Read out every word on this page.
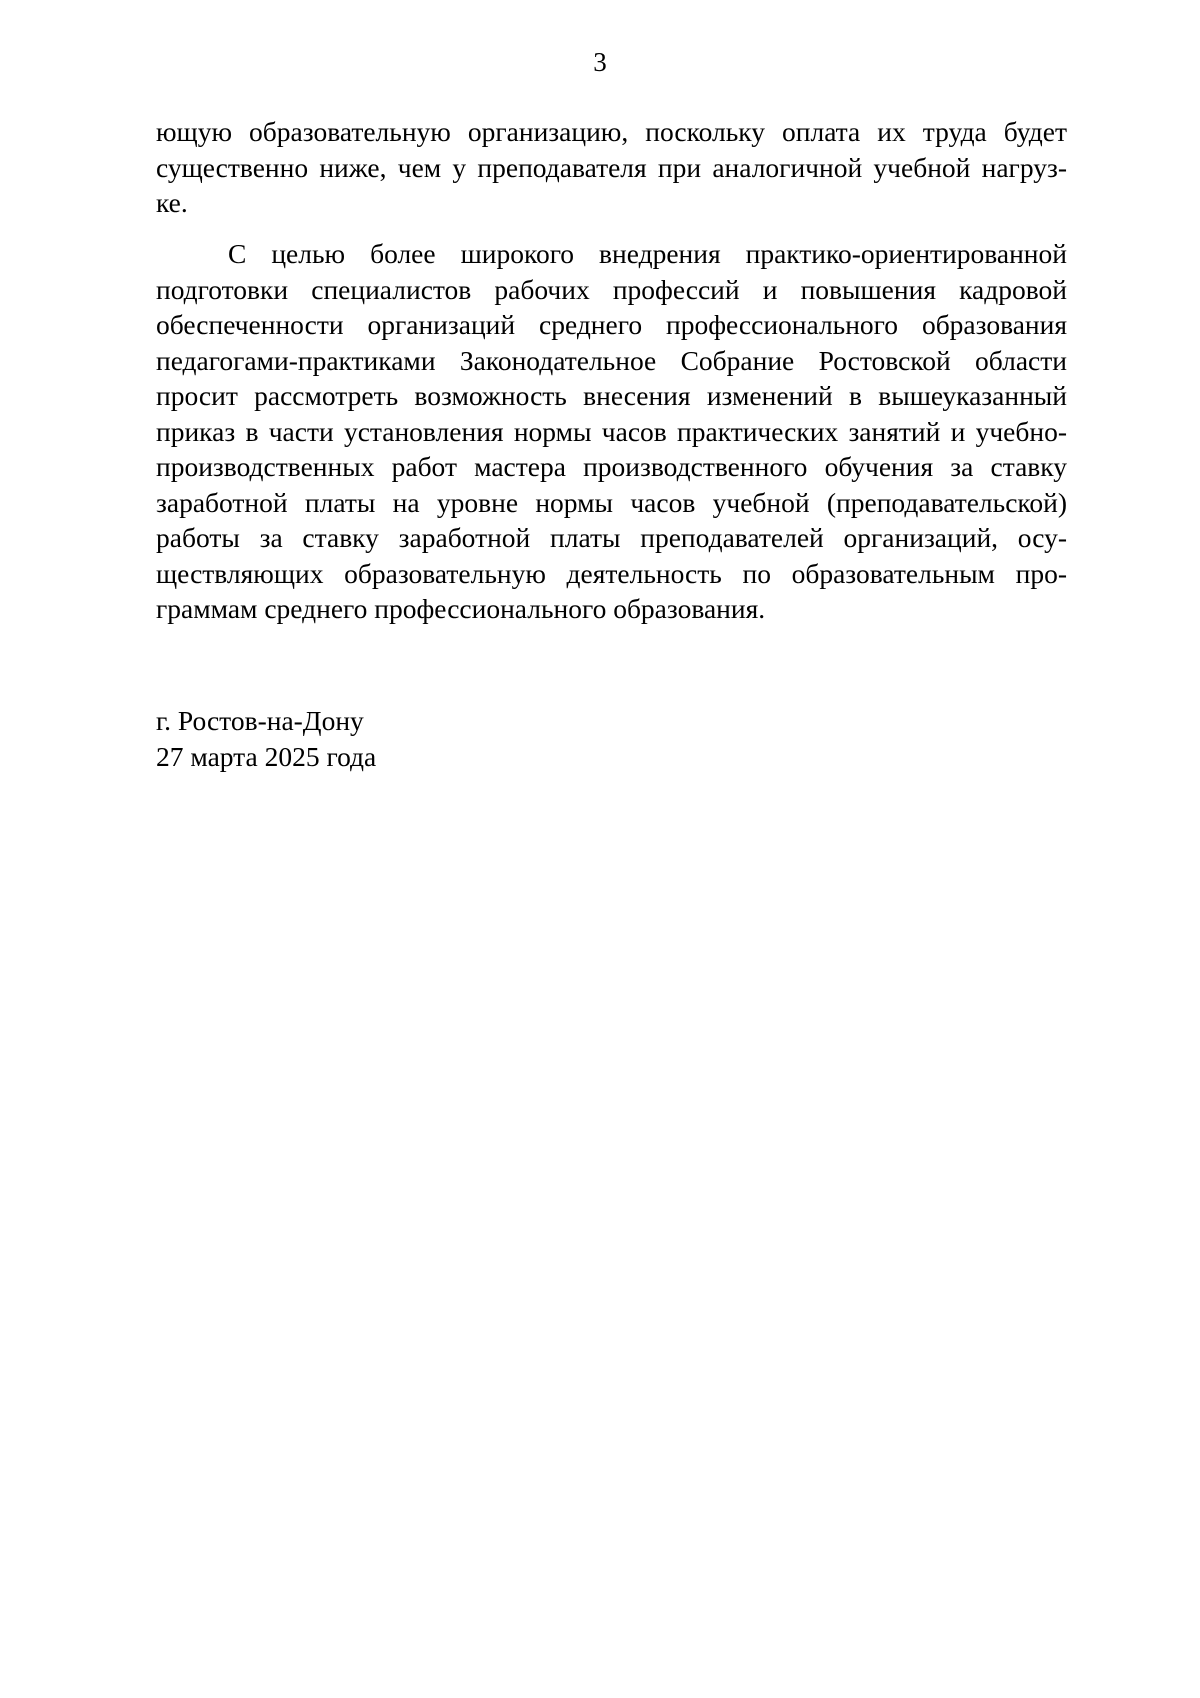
3
ющую образовательную организацию, поскольку оплата их труда будет
существенно ниже, чем у преподавателя при аналогичной учебной нагруз-
ке.
С целью более широкого внедрения практико-ориентированной
подготовки специалистов рабочих профессий и повышения кадровой
обеспеченности организаций среднего профессионального образования
педагогами-практиками Законодательное Собрание Ростовской области
просит рассмотреть возможность внесения изменений в вышеуказанный
приказ в части установления нормы часов практических занятий и учебно-
производственных работ мастера производственного обучения за ставку
заработной платы на уровне нормы часов учебной (преподавательской)
работы за ставку заработной платы преподавателей организаций, осу-
ществляющих образовательную деятельность по образовательным про-
граммам среднего профессионального образования.
г. Ростов-на-Дону
27 марта 2025 года
